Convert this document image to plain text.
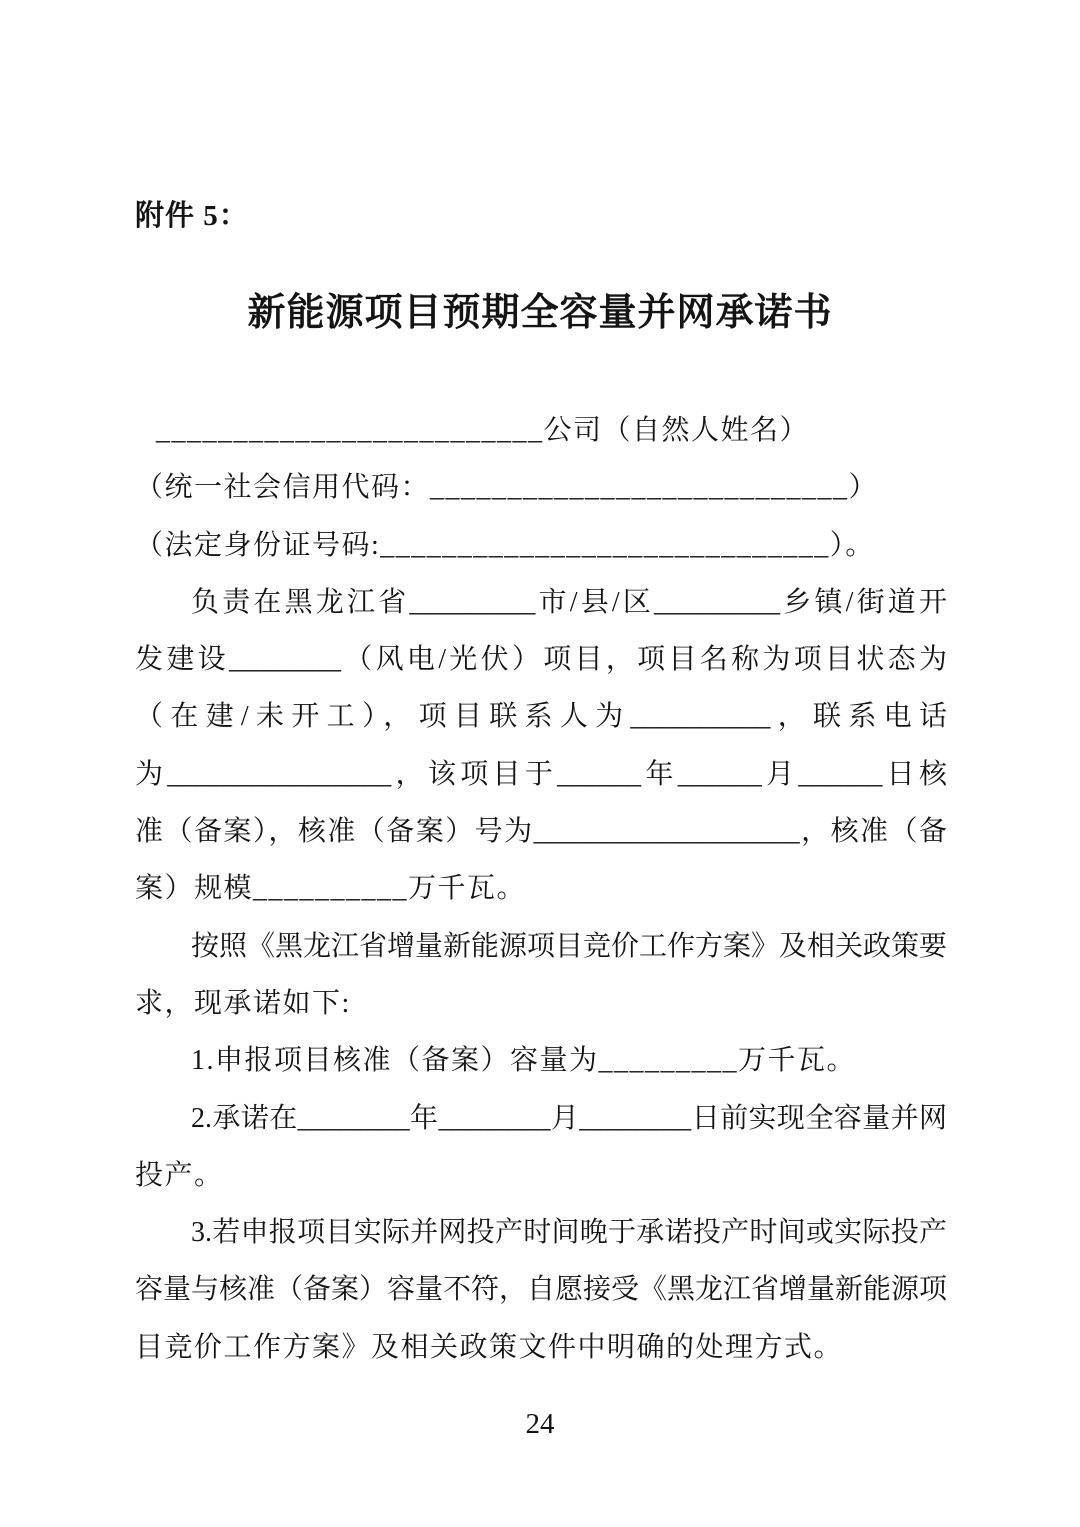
附件 5：
新能源项目预期全容量并网承诺书
_________________________公司（自然人姓名）
（统一社会信用代码：___________________________）
（法定身份证号码:_____________________________）。
负责在黑龙江省_________市/县/区_________乡镇/街道开
发建设________（风电/光伏）项目，项目名称为项目状态为
（在建/未开工），项目联系人为__________，联系电话
为________________，该项目于______年______月______日核
准（备案），核准（备案）号为___________________，核准（备
案）规模__________万千瓦。
按照《黑龙江省增量新能源项目竞价工作方案》及相关政策要
求，现承诺如下:
1.申报项目核准（备案）容量为_________万千瓦。
2.承诺在________年________月________日前实现全容量并网
投产。
3.若申报项目实际并网投产时间晚于承诺投产时间或实际投产
容量与核准（备案）容量不符，自愿接受《黑龙江省增量新能源项
目竞价工作方案》及相关政策文件中明确的处理方式。
24
